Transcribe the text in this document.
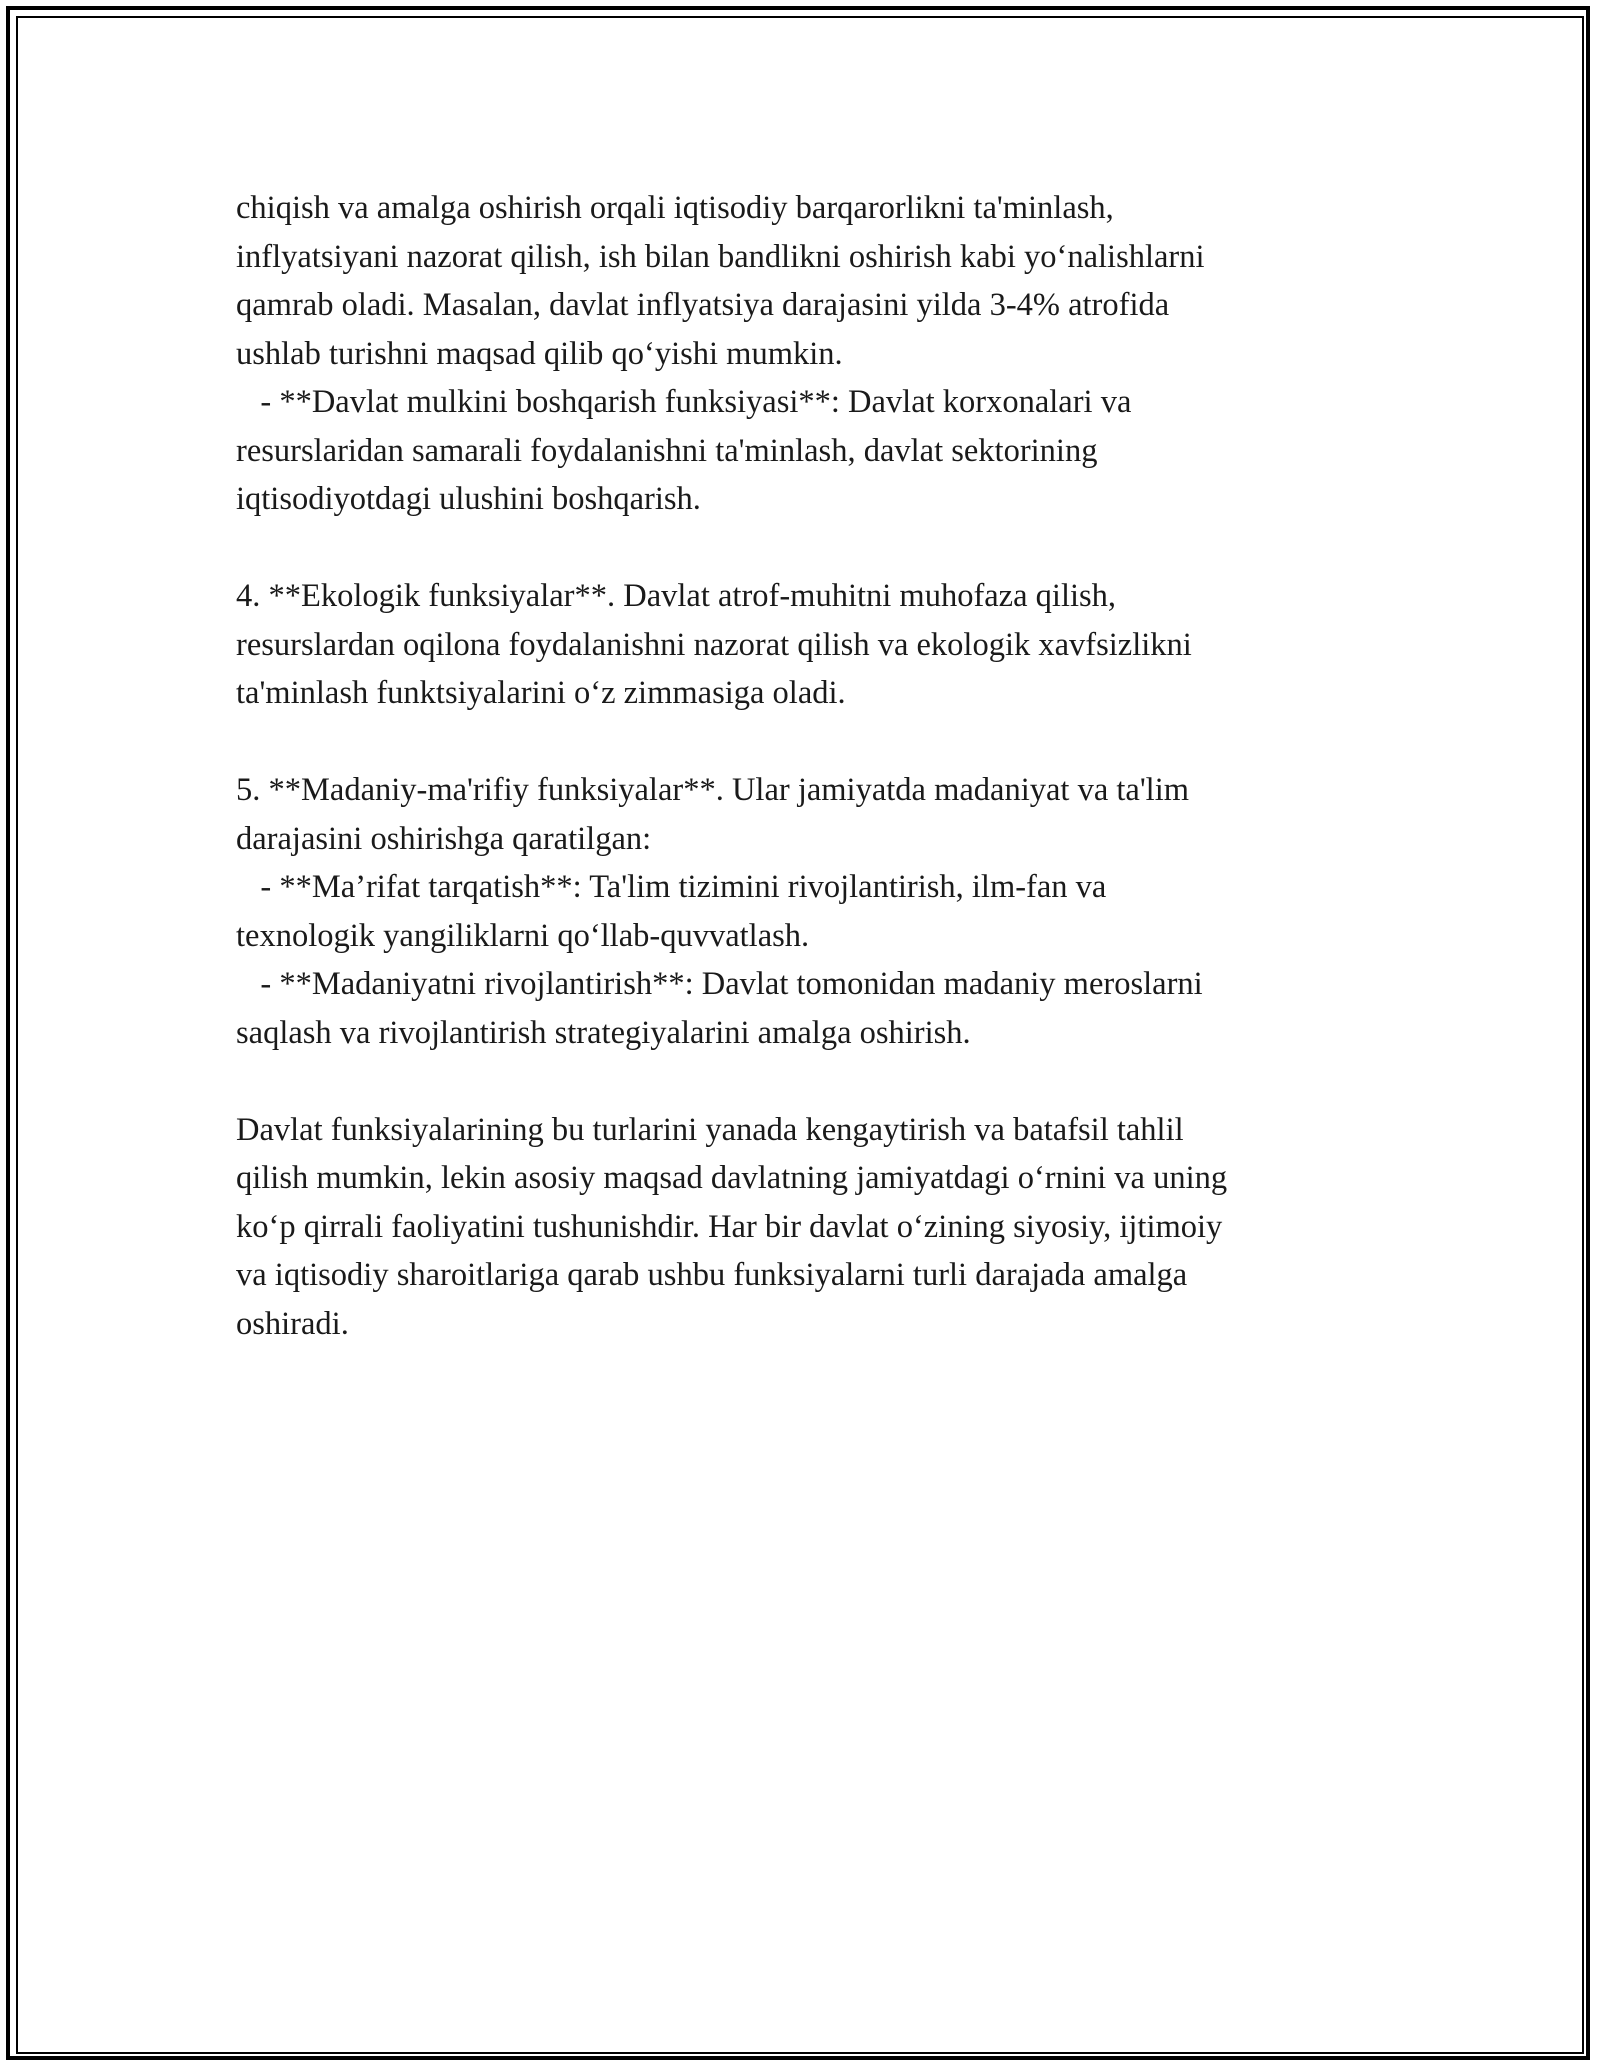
chiqish va amalga oshirish orqali iqtisodiy barqarorlikni ta'minlash,
inflyatsiyani nazorat qilish, ish bilan bandlikni oshirish kabi yo‘nalishlarni
qamrab oladi. Masalan, davlat inflyatsiya darajasini yilda 3-4% atrofida
ushlab turishni maqsad qilib qo‘yishi mumkin.
- **Davlat mulkini boshqarish funksiyasi**: Davlat korxonalari va
resurslaridan samarali foydalanishni ta'minlash, davlat sektorining
iqtisodiyotdagi ulushini boshqarish.
4. **Ekologik funksiyalar**. Davlat atrof-muhitni muhofaza qilish,
resurslardan oqilona foydalanishni nazorat qilish va ekologik xavfsizlikni
ta'minlash funktsiyalarini o‘z zimmasiga oladi.
5. **Madaniy-ma'rifiy funksiyalar**. Ular jamiyatda madaniyat va ta'lim
darajasini oshirishga qaratilgan:
- **Ma’rifat tarqatish**: Ta'lim tizimini rivojlantirish, ilm-fan va
texnologik yangiliklarni qo‘llab-quvvatlash.
- **Madaniyatni rivojlantirish**: Davlat tomonidan madaniy meroslarni
saqlash va rivojlantirish strategiyalarini amalga oshirish.
Davlat funksiyalarining bu turlarini yanada kengaytirish va batafsil tahlil
qilish mumkin, lekin asosiy maqsad davlatning jamiyatdagi o‘rnini va uning
ko‘p qirrali faoliyatini tushunishdir. Har bir davlat o‘zining siyosiy, ijtimoiy
va iqtisodiy sharoitlariga qarab ushbu funksiyalarni turli darajada amalga
oshiradi.
